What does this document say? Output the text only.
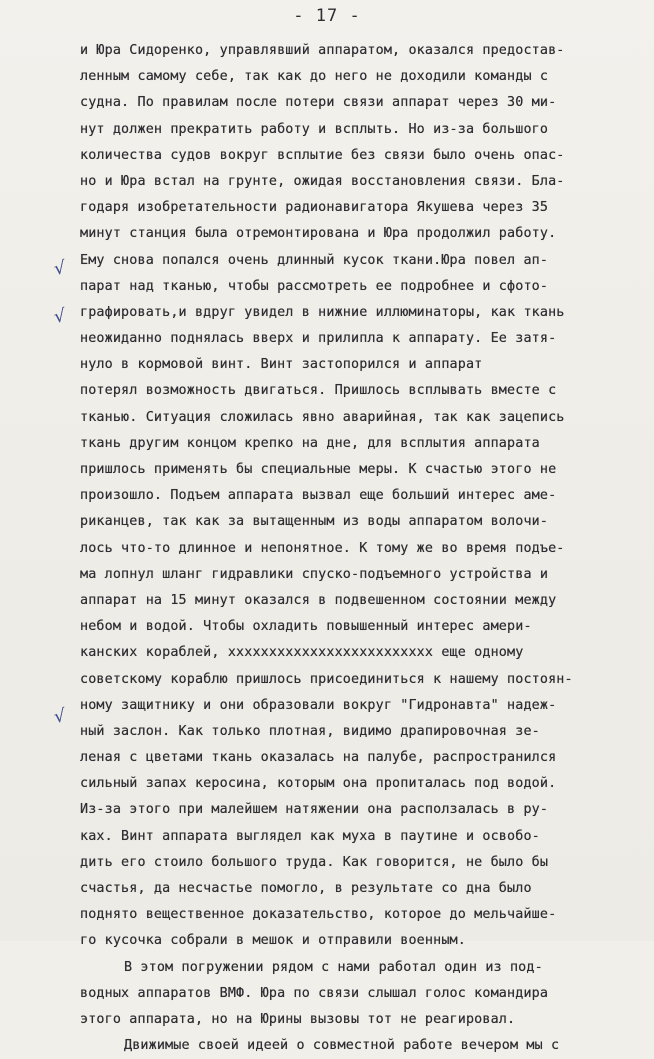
- 17 -
√
√
√
и Юра Сидоренко, управлявший аппаратом, оказался предостав-
ленным самому себе, так как до него не доходили команды с
судна. По правилам после потери связи аппарат через 30 ми-
нут должен прекратить работу и всплыть. Но из-за большого
количества судов вокруг всплытие без связи было очень опас-
но и Юра встал на грунте, ожидая восстановления связи. Бла-
годаря изобретательности радионавигатора Якушева через 35
минут станция была отремонтирована и Юра продолжил работу.
Ему снова попался очень длинный кусок ткани.Юра повел ап-
парат над тканью, чтобы рассмотреть ее подробнее и сфото-
графировать,и вдруг увидел в нижние иллюминаторы, как ткань
неожиданно поднялась вверх и прилипла к аппарату. Ее затя-
нуло в кормовой винт. Винт застопорился и аппарат
потерял возможность двигаться. Пришлось всплывать вместе с
тканью. Ситуация сложилась явно аварийная, так как зацепись
ткань другим концом крепко на дне, для всплытия аппарата
пришлось применять бы специальные меры. К счастью этого не
произошло. Подъем аппарата вызвал еще больший интерес аме-
риканцев, так как за вытащенным из воды аппаратом волочи-
лось что-то длинное и непонятное. К тому же во время подъе-
ма лопнул шланг гидравлики спуско-подъемного устройства и
аппарат на 15 минут оказался в подвешенном состоянии между
небом и водой. Чтобы охладить повышенный интерес амери-
канских кораблей, xxxxxxxxxxxxxxxxxxxxxxxxx еще одному
советскому кораблю пришлось присоединиться к нашему постоян-
ному защитнику и они образовали вокруг "Гидронавта" надеж-
ный заслон. Как только плотная, видимо драпировочная зе-
леная с цветами ткань оказалась на палубе, распространился
сильный запах керосина, которым она пропиталась под водой.
Из-за этого при малейшем натяжении она расползалась в ру-
ках. Винт аппарата выглядел как муха в паутине и освобо-
дить его стоило большого труда. Как говорится, не было бы
счастья, да несчастье помогло, в результате со дна было
поднято вещественное доказательство, которое до мельчайше-
го кусочка собрали в мешок и отправили военным.
В этом погружении рядом с нами работал один из под-
водных аппаратов ВМФ. Юра по связи слышал голос командира
этого аппарата, но на Юрины вызовы тот не реагировал.
Движимые своей идеей о совместной работе вечером мы с
